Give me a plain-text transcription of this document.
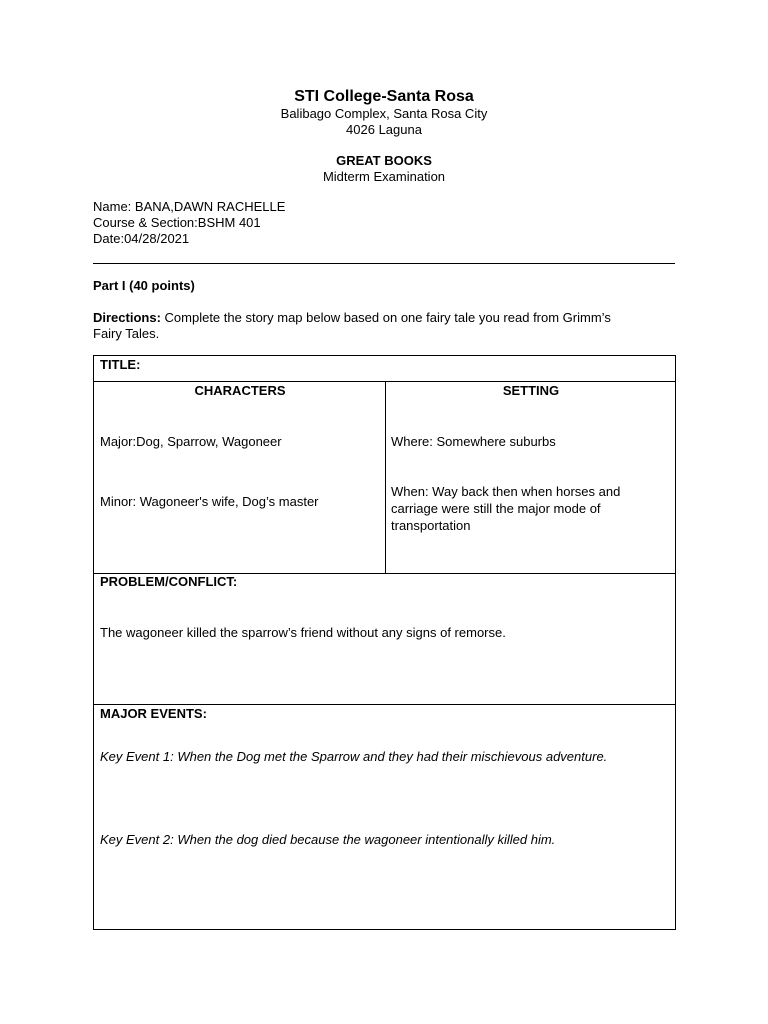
STI College-Santa Rosa
Balibago Complex, Santa Rosa City
4026 Laguna
GREAT BOOKS
Midterm Examination
Name: BANA,DAWN RACHELLE
Course & Section:BSHM 401
Date:04/28/2021
Part I (40 points)
Directions: Complete the story map below based on one fairy tale you read from Grimm’s
Fairy Tales.
TITLE:

CHARACTERS
Major:Dog, Sparrow, Wagoneer
Minor: Wagoneer's wife, Dog’s master

SETTING
Where: Somewhere suburbs
When: Way back then when horses and
carriage were still the major mode of
transportation

PROBLEM/CONFLICT:
The wagoneer killed the sparrow’s friend without any signs of remorse.

MAJOR EVENTS:
Key Event 1: When the Dog met the Sparrow and they had their mischievous adventure.
Key Event 2: When the dog died because the wagoneer intentionally killed him.
